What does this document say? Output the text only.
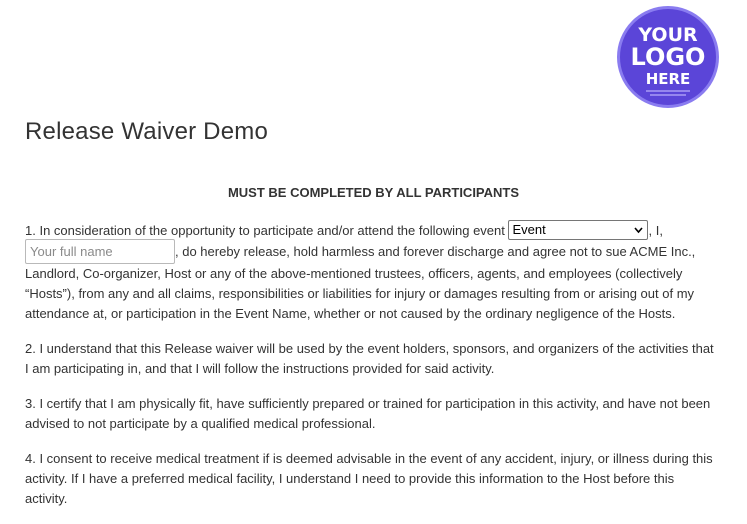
YOUR
LOGO
HERE
Release Waiver Demo
MUST BE COMPLETED BY ALL PARTICIPANTS

1. In consideration of the opportunity to participate and/or attend the following event Event	, I, Your full name, do hereby release, hold harmless and forever discharge and agree not to sue ACME Inc., Landlord, Co-organizer, Host or any of the above-mentioned trustees, officers, agents, and employees (collectively “Hosts”), from any and all claims, responsibilities or liabilities for injury or damages resulting from or arising out of my attendance at, or participation in the Event Name, whether or not caused by the ordinary negligence of the Hosts.

2. I understand that this Release waiver will be used by the event holders, sponsors, and organizers of the activities that I am participating in, and that I will follow the instructions provided for said activity.

3. I certify that I am physically fit, have sufficiently prepared or trained for participation in this activity, and have not been advised to not participate by a qualified medical professional.

4. I consent to receive medical treatment if is deemed advisable in the event of any accident, injury, or illness during this activity. If I have a preferred medical facility, I understand I need to provide this information to the Host before this activity.
